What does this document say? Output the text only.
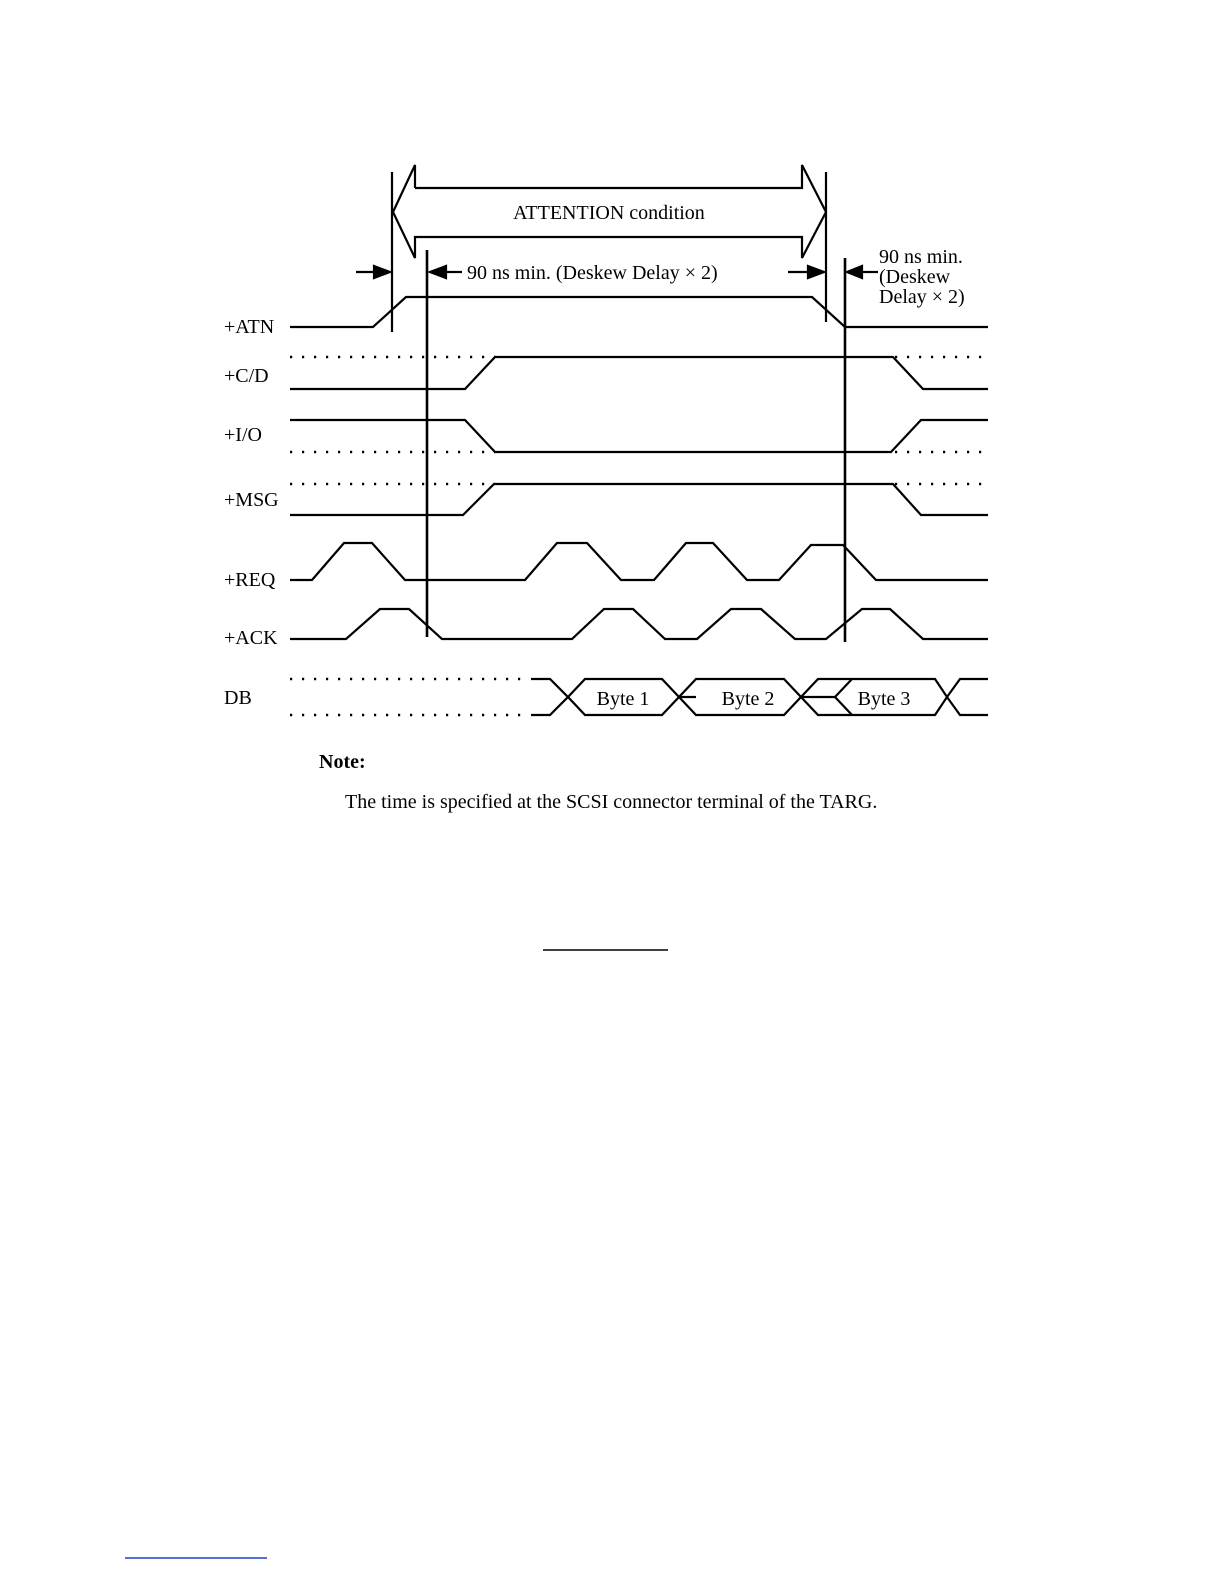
ATTENTION condition
90 ns min. (Deskew Delay × 2)
90 ns min. (Deskew Delay × 2)
+ATN
+C/D
+I/O
+MSG
+REQ
+ACK
DB	Byte 1	Byte 2	Byte 3
Note:
The time is specified at the SCSI connector terminal of the TARG.
